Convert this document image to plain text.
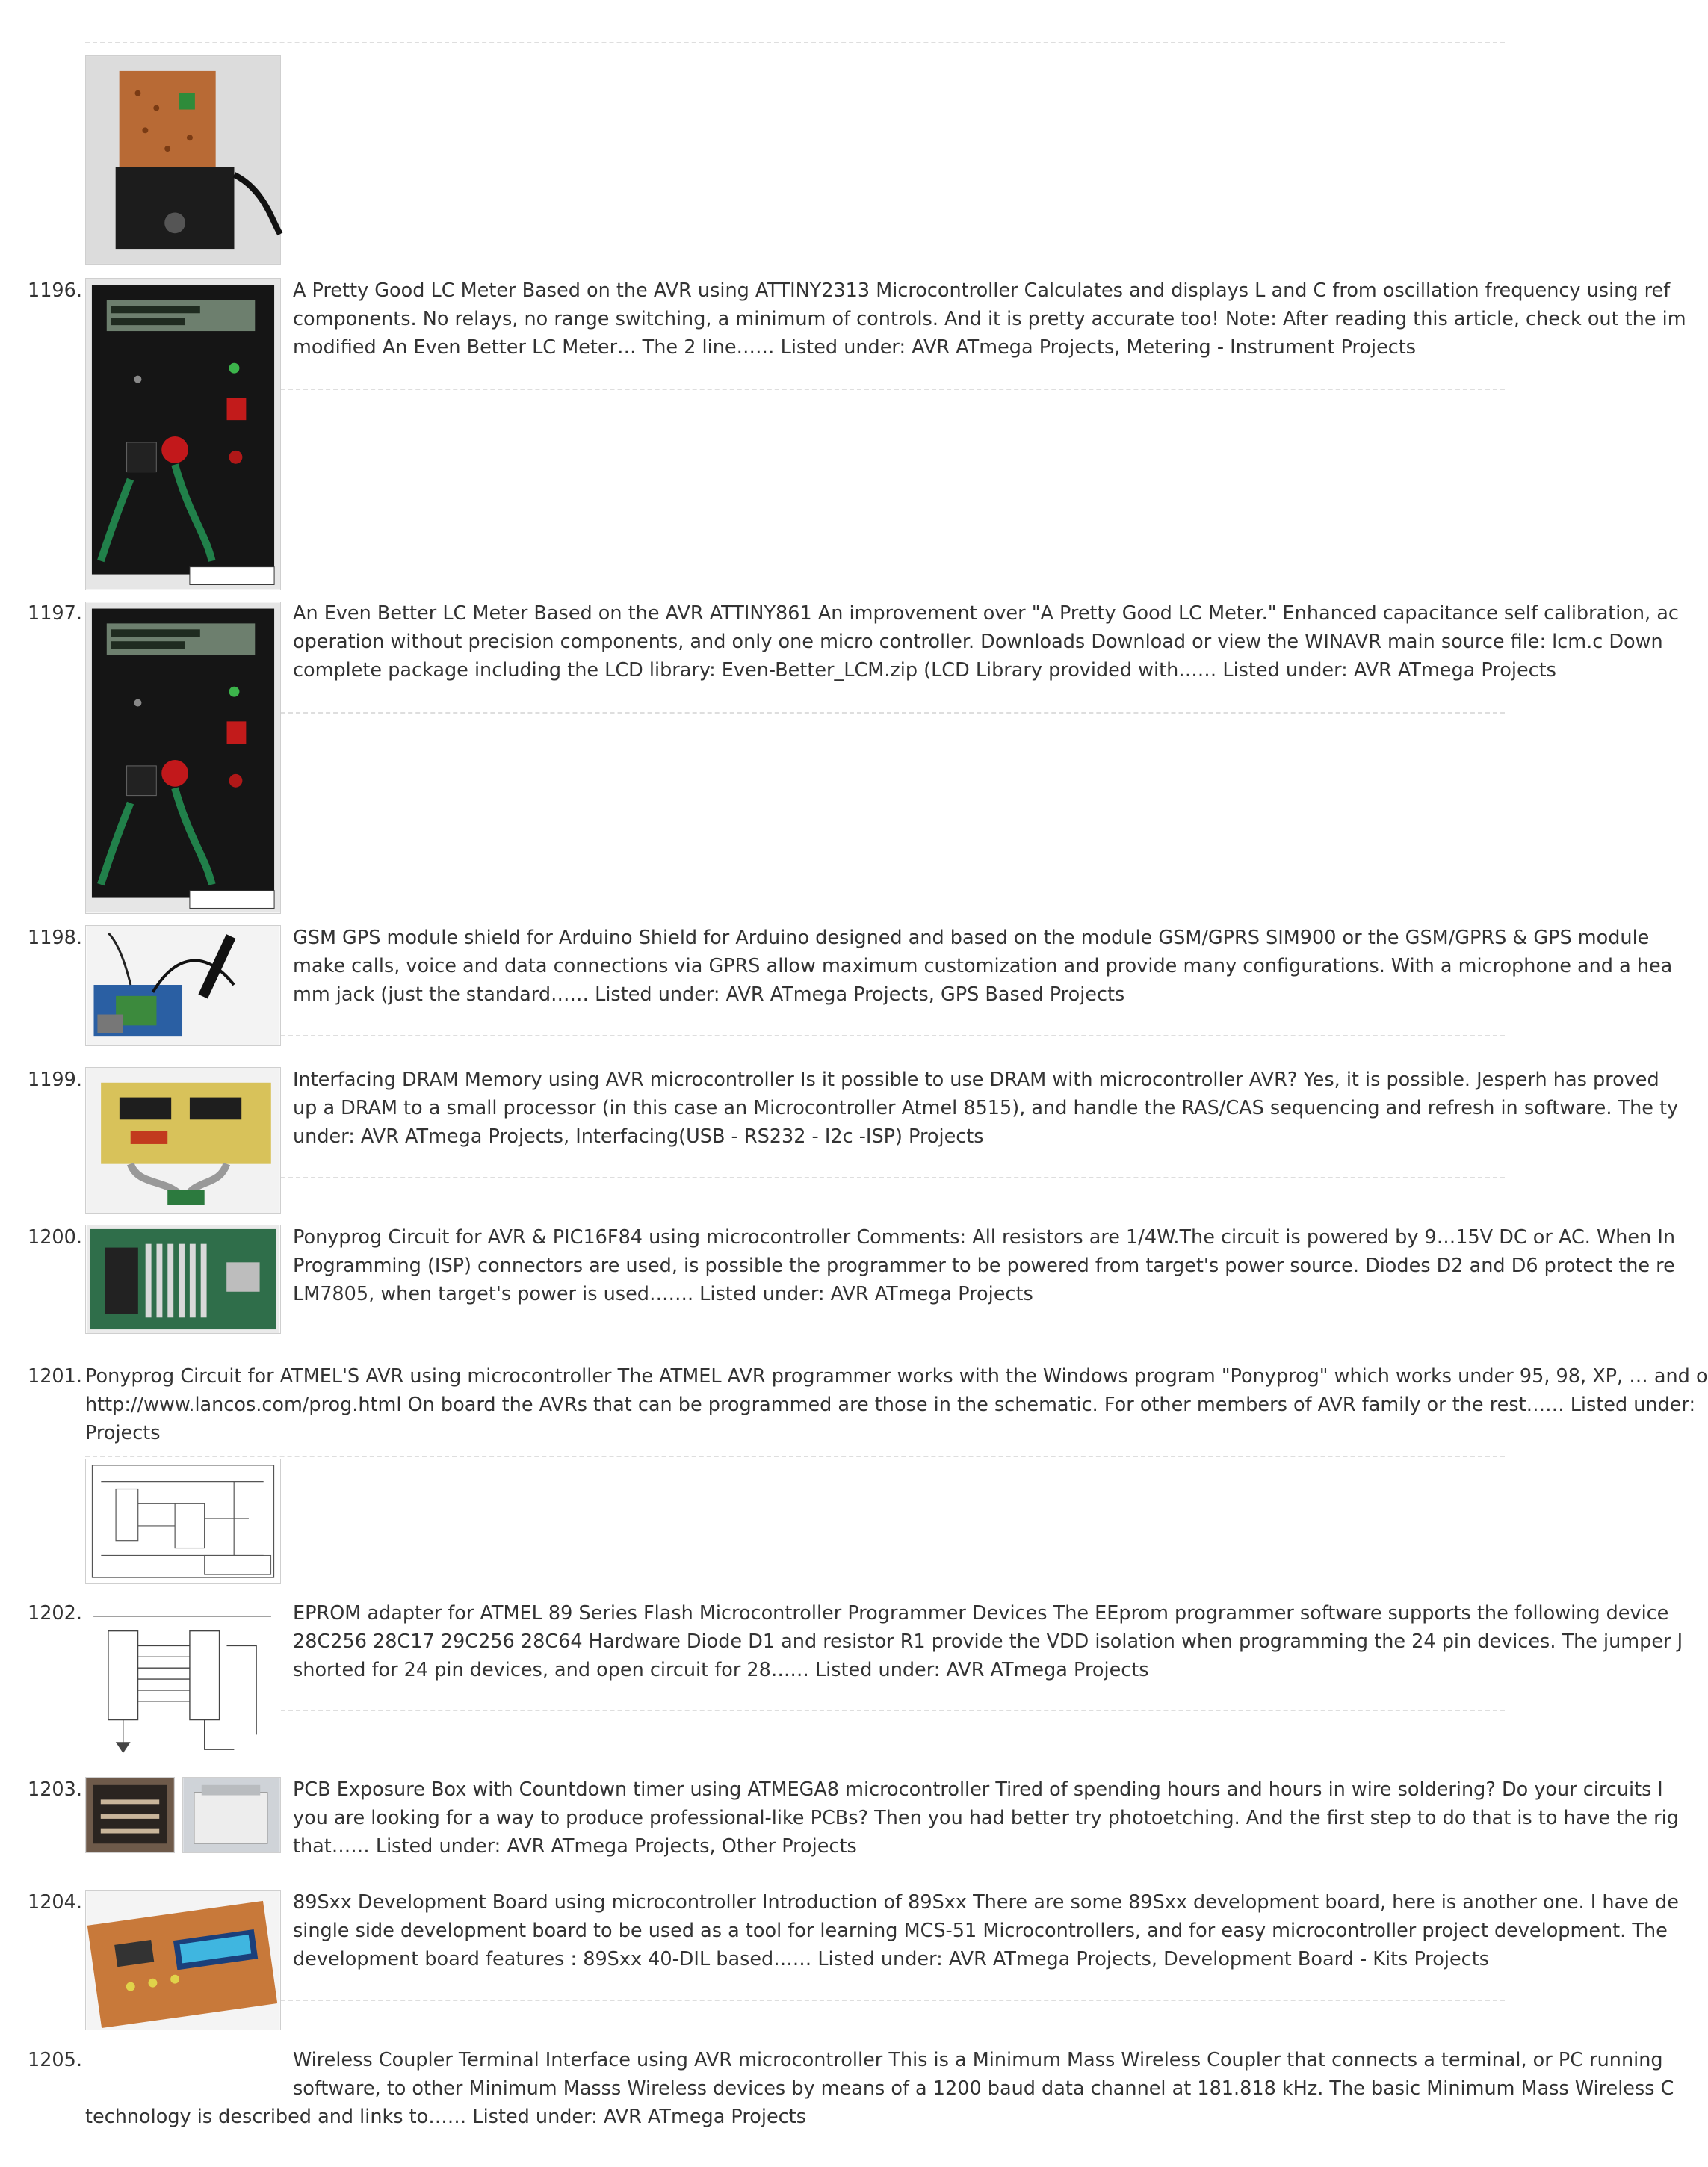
1196.	A Pretty Good LC Meter Based on the AVR using ATTINY2313 Microcontroller Calculates and displays L and C from oscillation frequency using ref
components. No relays, no range switching, a minimum of controls. And it is pretty accurate too! Note: After reading this article, check out the im
modified An Even Better LC Meter… The 2 line…… Listed under: AVR ATmega Projects, Metering - Instrument Projects
1197.	An Even Better LC Meter Based on the AVR ATTINY861 An improvement over "A Pretty Good LC Meter." Enhanced capacitance self calibration, ac
operation without precision components, and only one micro controller. Downloads Download or view the WINAVR main source file: lcm.c Down
complete package including the LCD library: Even-Better_LCM.zip (LCD Library provided with…… Listed under: AVR ATmega Projects
1198.	GSM GPS module shield for Arduino Shield for Arduino designed and based on the module GSM/GPRS SIM900 or the GSM/GPRS & GPS module
make calls, voice and data connections via GPRS allow maximum customization and provide many configurations. With a microphone and a hea
mm jack (just the standard…… Listed under: AVR ATmega Projects, GPS Based Projects
1199.	Interfacing DRAM Memory using AVR microcontroller Is it possible to use DRAM with microcontroller AVR? Yes, it is possible. Jesperh has proved
up a DRAM to a small processor (in this case an Microcontroller Atmel 8515), and handle the RAS/CAS sequencing and refresh in software. The ty
under: AVR ATmega Projects, Interfacing(USB - RS232 - I2c -ISP) Projects
1200.	Ponyprog Circuit for AVR & PIC16F84 using microcontroller Comments: All resistors are 1/4W.The circuit is powered by 9…15V DC or AC. When In
Programming (ISP) connectors are used, is possible the programmer to be powered from target's power source. Diodes D2 and D6 protect the re
LM7805, when target's power is used……. Listed under: AVR ATmega Projects
1201. Ponyprog Circuit for ATMEL'S AVR using microcontroller The ATMEL AVR programmer works with the Windows program "Ponyprog" which works under 95, 98, XP, … and o
http://www.lancos.com/prog.html On board the AVRs that can be programmed are those in the schematic. For other members of AVR family or the rest…… Listed under:
Projects
1202.	EPROM adapter for ATMEL 89 Series Flash Microcontroller Programmer Devices The EEprom programmer software supports the following device
28C256 28C17 29C256 28C64 Hardware Diode D1 and resistor R1 provide the VDD isolation when programming the 24 pin devices. The jumper J
shorted for 24 pin devices, and open circuit for 28…… Listed under: AVR ATmega Projects
1203.	PCB Exposure Box with Countdown timer using ATMEGA8 microcontroller Tired of spending hours and hours in wire soldering? Do your circuits l
you are looking for a way to produce professional-like PCBs? Then you had better try photoetching. And the first step to do that is to have the rig
that…… Listed under: AVR ATmega Projects, Other Projects
1204.	89Sxx Development Board using microcontroller Introduction of 89Sxx There are some 89Sxx development board, here is another one. I have de
single side development board to be used as a tool for learning MCS-51 Microcontrollers, and for easy microcontroller project development. The
development board features : 89Sxx 40-DIL based…… Listed under: AVR ATmega Projects, Development Board - Kits Projects
1205.	Wireless Coupler Terminal Interface using AVR microcontroller This is a Minimum Mass Wireless Coupler that connects a terminal, or PC running
software, to other Minimum Masss Wireless devices by means of a 1200 baud data channel at 181.818 kHz. The basic Minimum Mass Wireless C
technology is described and links to…… Listed under: AVR ATmega Projects
